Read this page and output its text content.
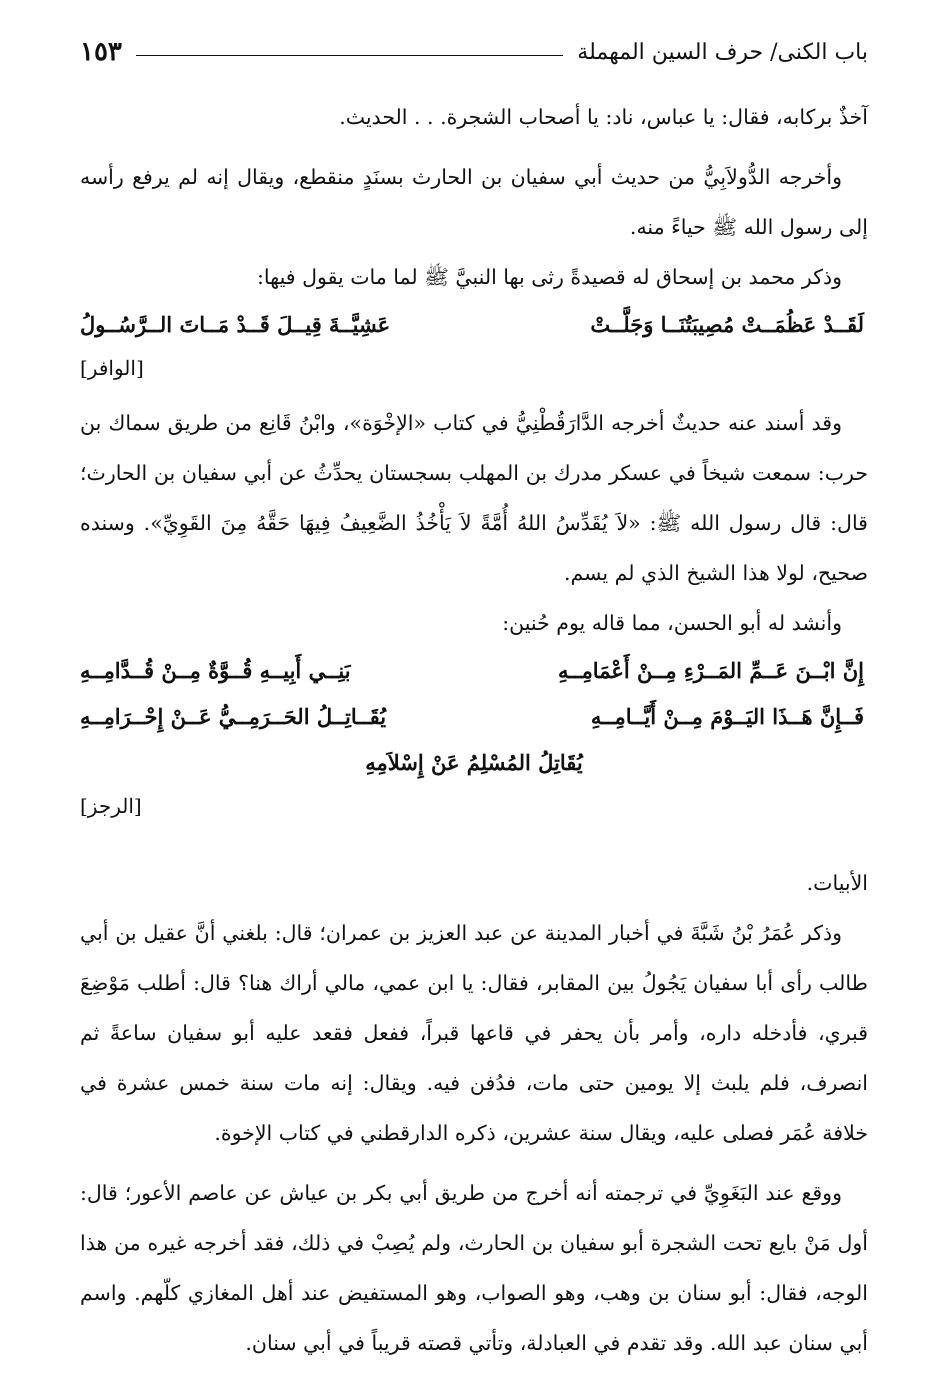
باب الكنى/ حرف السين المهملة
١٥٣

آخذٌ بركابه، فقال: يا عباس، ناد: يا أصحاب الشجرة. . . الحديث.

وأخرجه الدُّولاَبِيُّ من حديث أبي سفيان بن الحارث بسنَدٍ منقطع، ويقال إنه لم يرفع رأسه إلى رسول الله ﷺ حياءً منه.

وذكر محمد بن إسحاق له قصيدةً رثى بها النبيَّ ﷺ لما مات يقول فيها:

لَقَــدْ عَظُمَــتْ مُصِيبَتُنَــا وَجَلَّــتْ
عَشِيَّــةَ قِيــلَ قَــدْ مَــاتَ الــرَّسُــولُ
[الوافر]

وقد أسند عنه حديثٌ أخرجه الدَّارَقُطْنِيُّ في كتاب «الإخْوَة»، وابْنُ قَانِع من طريق سماك بن حرب: سمعت شيخاً في عسكر مدرك بن المهلب بسجستان يحدِّثُ عن أبي سفيان بن الحارث؛ قال: قال رسول الله ﷺ: «لاَ يُقَدِّسُ اللهُ أُمَّةً لاَ يَأْخُذُ الضَّعِيفُ فِيهَا حَقَّهُ مِنَ القَوِيِّ». وسنده صحيح، لولا هذا الشيخ الذي لم يسم.

وأنشد له أبو الحسن، مما قاله يوم حُنين:

إِنَّ ابْــنَ عَــمِّ المَــرْءِ مِــنْ أَعْمَامِــهِ
بَنِــي أَبِيــهِ قُــوَّةٌ مِــنْ قُــدَّامِــهِ
فَــإِنَّ هَــذَا اليَــوْمَ مِــنْ أَيَّــامِــهِ
يُقَــاتِــلُ الحَــرَمِــيُّ عَــنْ إِحْــرَامِــهِ
يُقَاتِلُ المُسْلِمُ عَنْ إِسْلاَمِهِ
[الرجز]

الأبيات.

وذكر عُمَرُ بْنُ شَبَّةَ في أخبار المدينة عن عبد العزيز بن عمران؛ قال: بلغني أنَّ عقيل بن أبي طالب رأى أبا سفيان يَجُولُ بين المقابر، فقال: يا ابن عمي، مالي أراك هنا؟ قال: أطلب مَوْضِعَ قبري، فأدخله داره، وأمر بأن يحفر في قاعها قبراً، ففعل فقعد عليه أبو سفيان ساعةً ثم انصرف، فلم يلبث إلا يومين حتى مات، فدُفن فيه. ويقال: إنه مات سنة خمس عشرة في خلافة عُمَر فصلى عليه، ويقال سنة عشرين، ذكره الدارقطني في كتاب الإخوة.

ووقع عند البَغَوِيِّ في ترجمته أنه أخرج من طريق أبي بكر بن عياش عن عاصم الأعور؛ قال: أول مَنْ بايع تحت الشجرة أبو سفيان بن الحارث، ولم يُصِبْ في ذلك، فقد أخرجه غيره من هذا الوجه، فقال: أبو سنان بن وهب، وهو الصواب، وهو المستفيض عند أهل المغازي كلّهم. واسم أبي سنان عبد الله. وقد تقدم في العبادلة، وتأتي قصته قريباً في أبي سنان.
